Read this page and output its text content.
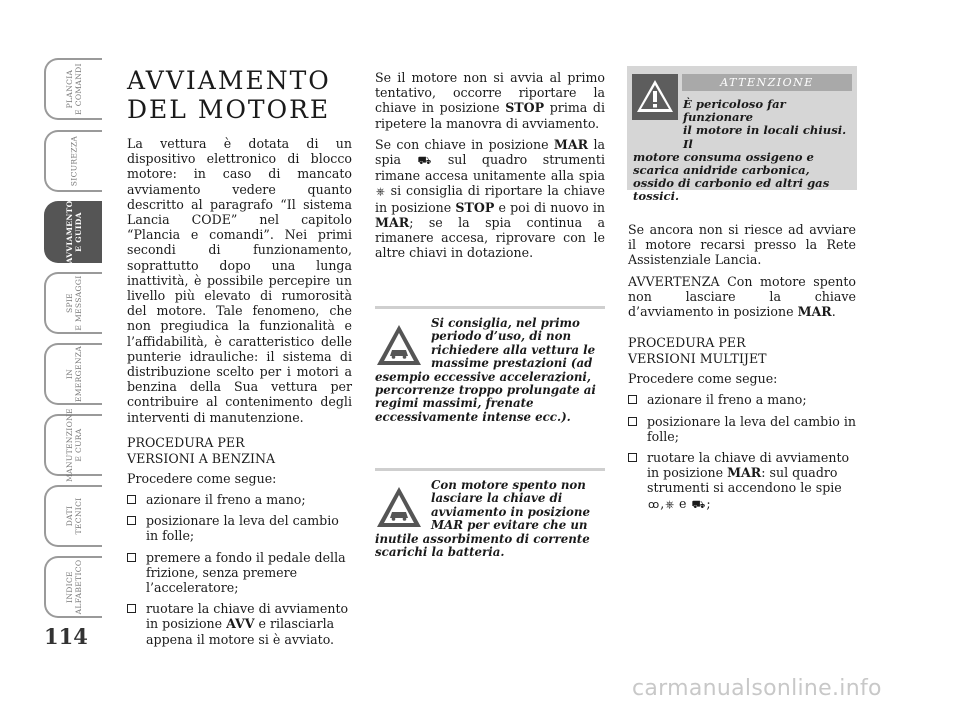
PLANCIA
E COMANDI
SICUREZZA
AVVIAMENTO
E GUIDA
SPIE
E MESSAGGI
IN
EMERGENZA
MANUTENZIONE
E CURA
DATI
TECNICI
INDICE
ALFABETICO
114
AVVIAMENTO
DEL MOTORE

La vettura è dotata di un dispositivo elettronico di blocco motore: in caso di mancato avviamento vedere quanto descritto al paragrafo “Il sistema Lancia CODE” nel capitolo “Plancia e comandi”. Nei primi secondi di funzionamento, soprattutto dopo una lunga inattività, è possibile percepire un livello più elevato di rumorosità del motore. Tale fenomeno, che non pregiudica la funzionalità e l’affidabilità, è caratteristico delle punterie idrauliche: il sistema di distribuzione scelto per i motori a benzina della Sua vettura per contribuire al contenimento degli interventi di manutenzione.

PROCEDURA PER
VERSIONI A BENZINA

Procedere come segue:

azionare il freno a mano;
posizionare la leva del cambio in folle;
premere a fondo il pedale della frizione, senza premere l’acceleratore;
ruotare la chiave di avviamento in posizione AVV e rilasciarla appena il motore si è avviato.

Se il motore non si avvia al primo tentativo, occorre riportare la chiave in posizione STOP prima di ripetere la manovra di avviamento.

Se con chiave in posizione MAR la spia ⛟ sul quadro strumenti rimane accesa unitamente alla spia ⎈ si consiglia di riportare la chiave in posizione STOP e poi di nuovo in MAR; se la spia continua a rimanere accesa, riprovare con le altre chiavi in dotazione.

Si consiglia, nel primo periodo d’uso, di non richiedere alla vettura le massime prestazioni (ad esempio eccessive accelerazioni, percorrenze troppo prolungate ai regimi massimi, frenate eccessivamente intense ecc.).
Con motore spento non lasciare la chiave di avviamento in posizione MAR per evitare che un inutile assorbimento di corrente scarichi la batteria.
ATTENZIONE
È pericoloso far funzionare
il motore in locali chiusi. Il
motore consuma ossigeno e scarica anidride carbonica, ossido di carbonio ed altri gas tossici.

Se ancora non si riesce ad avviare il motore recarsi presso la Rete Assistenziale Lancia.

AVVERTENZA Con motore spento non lasciare la chiave d’avviamento in posizione MAR.

PROCEDURA PER
VERSIONI MULTIJET

Procedere come segue:

azionare il freno a mano;
posizionare la leva del cambio in folle;
ruotare la chiave di avviamento in posizione MAR: sul quadro strumenti si accendono le spie ꝏ,⎈ e ⛟;
carmanualsonline.info
